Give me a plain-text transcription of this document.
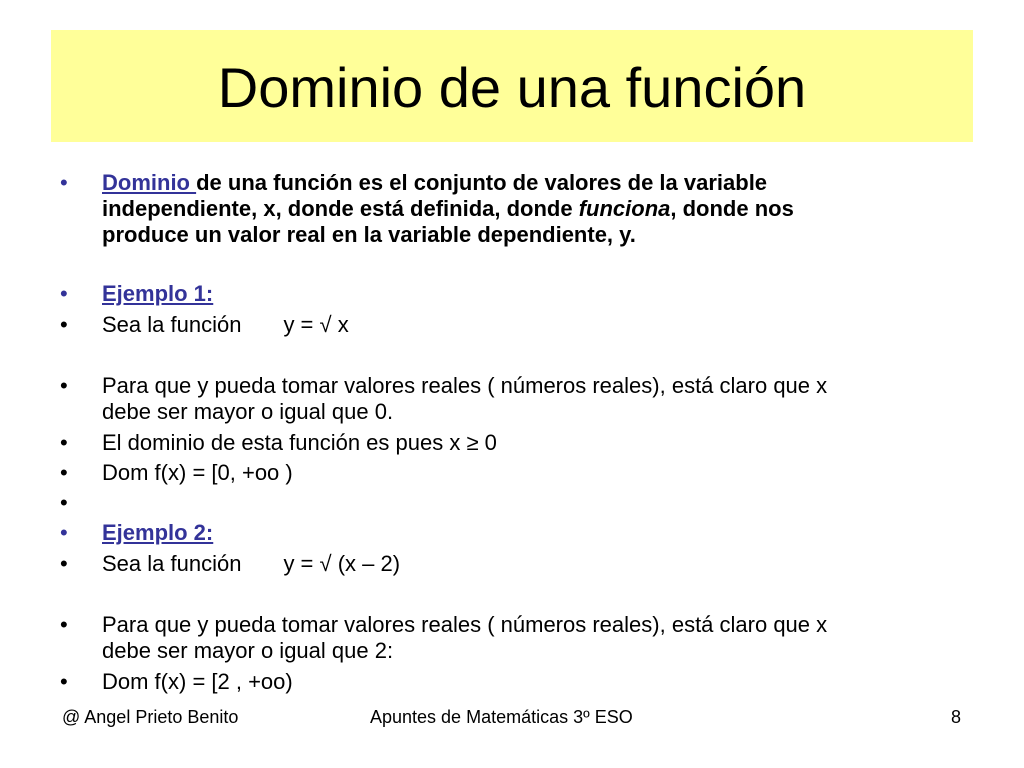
Dominio de una función
• Dominio de una función es el conjunto de valores de la variable
independiente, x, donde está definida, donde funciona, donde nos
produce un valor real en la variable dependiente, y.
• Ejemplo 1:
• Sea la función y = √ x
• Para que y pueda tomar valores reales ( números reales), está claro que x
debe ser mayor o igual que 0.
• El dominio de esta función es pues x ≥ 0
• Dom f(x) = [0, +oo )
•
• Ejemplo 2:
• Sea la función y = √ (x – 2)
• Para que y pueda tomar valores reales ( números reales), está claro que x
debe ser mayor o igual que 2:
• Dom f(x) = [2 , +oo)
@ Angel Prieto Benito	Apuntes de Matemáticas 3º ESO	8
